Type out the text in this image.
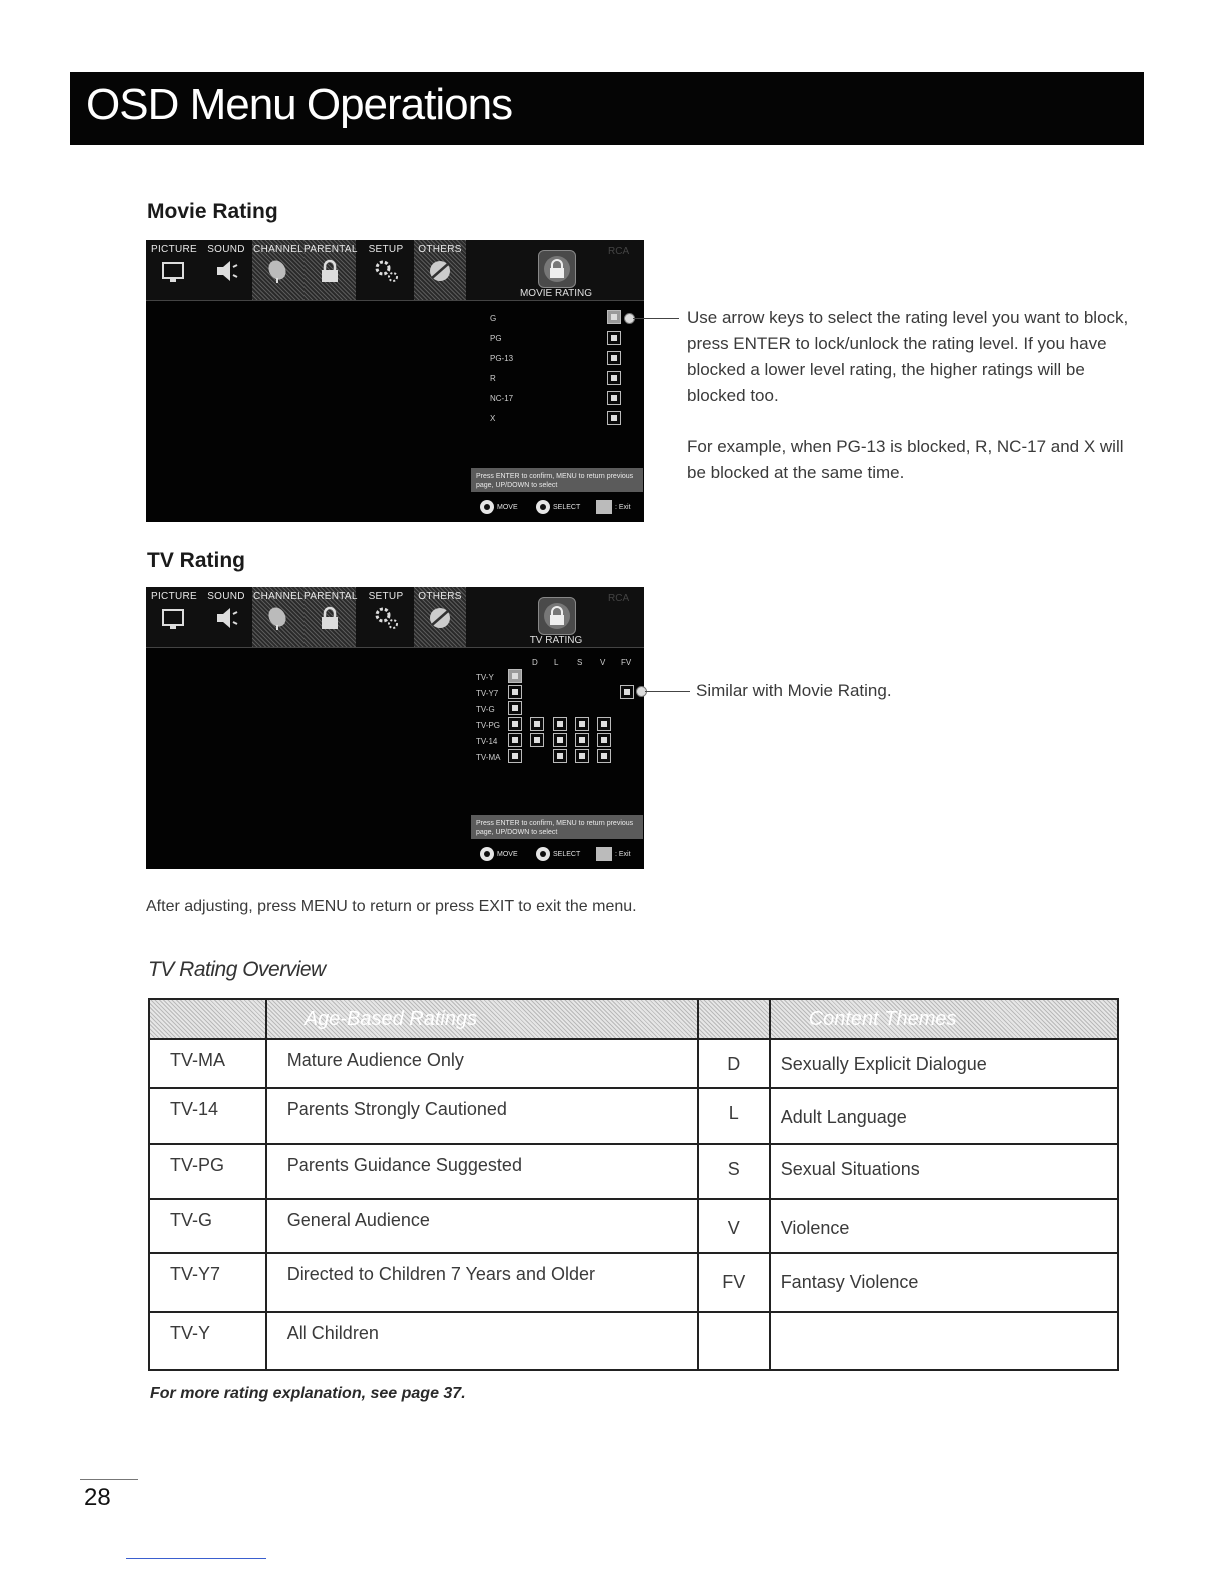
OSD Menu Operations
Movie Rating
PICTURE	SOUND CHANNEL PARENTAL	SETUP	OTHERS
MOVIE RATING
RCA
G
PG
PG-13
R
NC-17
X
Press ENTER to confirm, MENU to return previous page, UP/DOWN to select
MOVE	SELECT	: Exit

Use arrow keys to select the rating level you want to block, press ENTER to lock/unlock the rating level. If you have blocked a lower level rating, the higher ratings will be blocked too.

For example, when PG-13 is blocked, R, NC-17 and X will be blocked at the same time.

TV Rating
PICTURE	SOUND CHANNEL PARENTAL	SETUP	OTHERS
TV RATING
RCA
D L S V FV
TV-Y
TV-Y7
TV-G
TV-PG
TV-14
TV-MA
Press ENTER to confirm, MENU to return previous page, UP/DOWN to select
MOVE	SELECT	: Exit

Similar with Movie Rating.

After adjusting, press MENU to return or press EXIT to exit the menu.
TV Rating Overview
	Age-Based Ratings		Content Themes
TV-MA	Mature Audience Only	D	Sexually Explicit Dialogue
TV-14	Parents Strongly Cautioned	L	Adult Language
TV-PG	Parents Guidance Suggested	S	Sexual Situations
TV-G	General Audience	V	Violence
TV-Y7	Directed to Children 7 Years and Older	FV	Fantasy Violence
TV-Y	All Children		
For more rating explanation, see page 37.
28
